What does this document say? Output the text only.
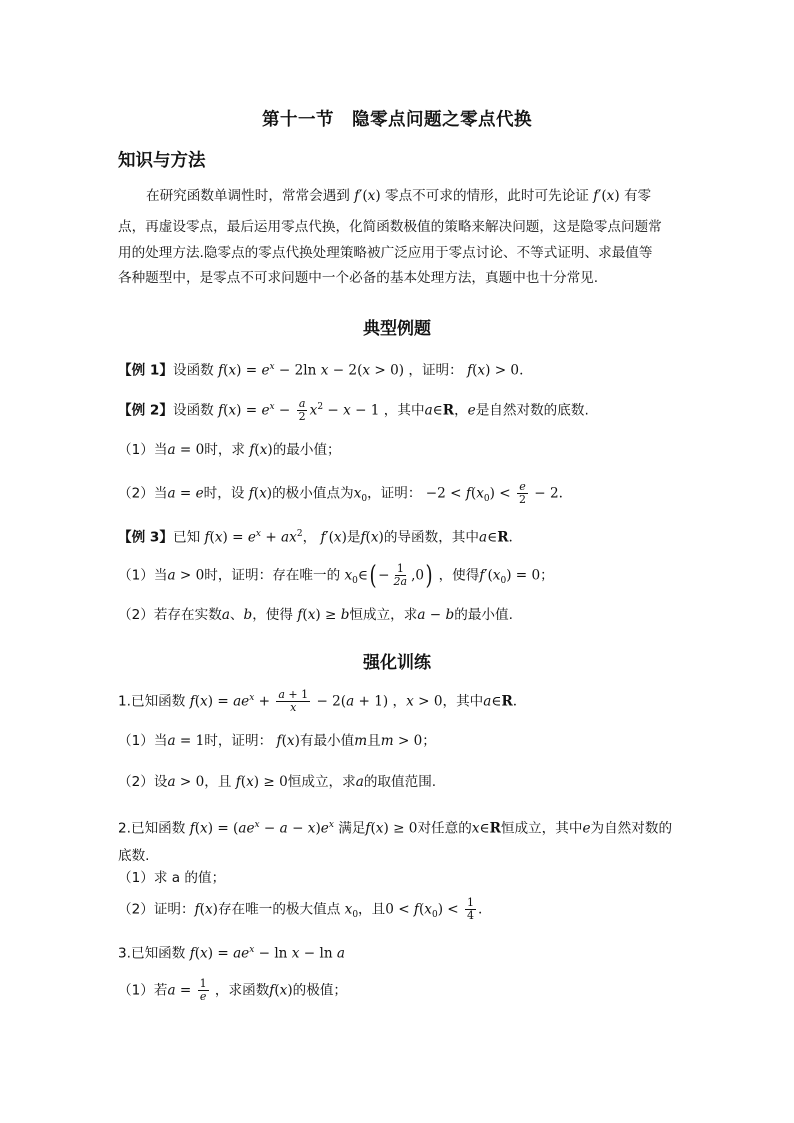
第十一节　隐零点问题之零点代换
知识与方法
在研究函数单调性时，常常会遇到 f′(x) 零点不可求的情形，此时可先论证 f′(x) 有零
点，再虚设零点，最后运用零点代换，化简函数极值的策略来解决问题，这是隐零点问题常
用的处理方法.隐零点的零点代换处理策略被广泛应用于零点讨论、不等式证明、求最值等
各种题型中，是零点不可求问题中一个必备的基本处理方法，真题中也十分常见.
典型例题
【例 1】设函数 $f(x) = e^x - 2\ln$ x − 2(x > 0) ，证明： f(x) > 0.
【例 2】设函数 $f(x) = e^x - \frac{a}{2} x^2 - x - 1$ ，其中a∈R，e是自然对数的底数.
（1）当a = 0时，求 f(x)的最小值；
（2）当a = e时，设 f(x)的极小值点为$x_0$，证明： $-2 < f(x_0) < \frac{e}{2} - 2$.
【例 3】已知 $f(x) = e^x + ax^2$， f′(x)是f(x)的导函数，其中a∈R.
（1）当a > 0时，证明：存在唯一的 $x_0\in( - \frac{1}{2a} ,0)$ ，使得$f'(x_0) = 0$；
（2）若存在实数a、b，使得 f(x) ≥ b恒成立，求a − b的最小值.
强化训练
1.已知函数 $f(x) = ae^x + \frac{a + 1}{x} - 2(a + 1)$ ，x > 0，其中a∈R.
（1）当a = 1时，证明： f(x)有最小值m且m > 0；
（2）设a > 0，且 f(x) ≥ 0恒成立，求a的取值范围.
2.已知函数 $f(x) = (ae^x - a - x)e^x$ 满足f(x) ≥ 0对任意的x∈R恒成立，其中e为自然对数的
底数.
（1）求 a 的值；
（2）证明：f(x)存在唯一的极大值点 $x_0$，且$0 < f(x_0) < \frac{1}{4}$ .
3.已知函数 $f(x) = ae^x - \ln x - \ln a$
（1）若$a = \frac{1}{e}$ ，求函数f(x)的极值；
